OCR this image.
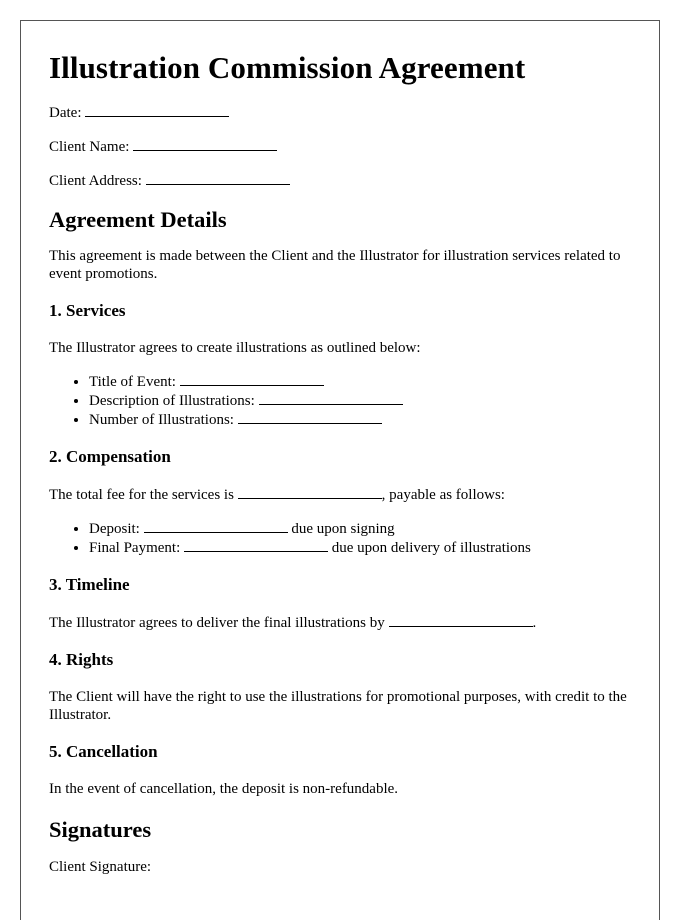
Illustration Commission Agreement

Date:

Client Name:

Client Address:

Agreement Details

This agreement is made between the Client and the Illustrator for illustration services related to event promotions.

1. Services

The Illustrator agrees to create illustrations as outlined below:

• Title of Event:
• Description of Illustrations:
• Number of Illustrations:
2. Compensation

The total fee for the services is	, payable as follows:

• Deposit:	due upon signing
• Final Payment:	due upon delivery of illustrations
3. Timeline

The Illustrator agrees to deliver the final illustrations by	.

4. Rights

The Client will have the right to use the illustrations for promotional purposes, with credit to the Illustrator.

5. Cancellation

In the event of cancellation, the deposit is non-refundable.

Signatures

Client Signature:
